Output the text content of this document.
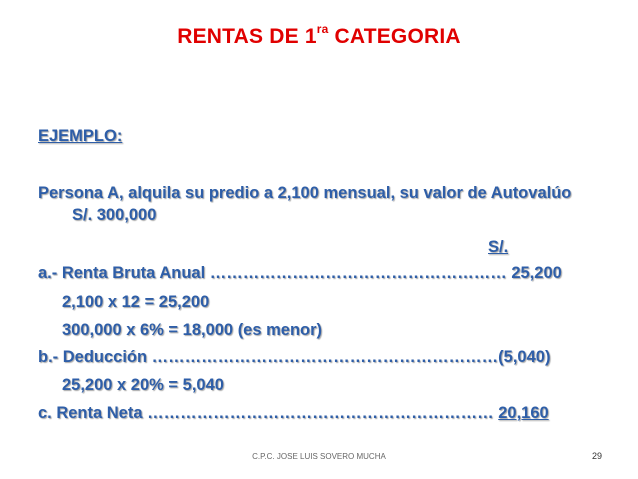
RENTAS DE $1^{ra}$ CATEGORIA
EJEMPLO:
Persona A, alquila su predio a 2,100 mensual, su valor de Autovalúo
S/. 300,000
S/.
a.- Renta Bruta Anual ……………………………………………… 25,200
2,100 x 12 = 25,200
300,000 x 6% = 18,000 (es menor)
b.- Deducción ………………………………………………………(5,040)
25,200 x 20% = 5,040
c. Renta Neta ……………………………………………………… 20,160
C.P.C. JOSE LUIS SOVERO MUCHA	29
